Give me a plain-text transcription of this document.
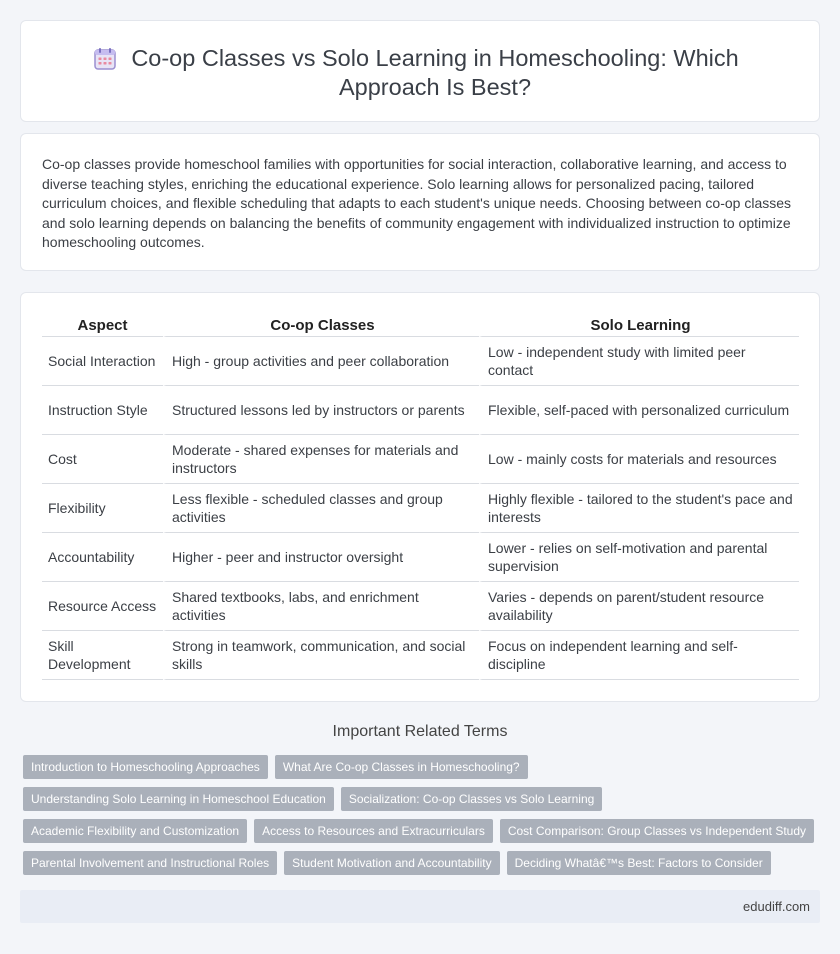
Co-op Classes vs Solo Learning in Homeschooling: Which Approach Is Best?

Co-op classes provide homeschool families with opportunities for social interaction, collaborative learning, and access to diverse teaching styles, enriching the educational experience. Solo learning allows for personalized pacing, tailored curriculum choices, and flexible scheduling that adapts to each student's unique needs. Choosing between co-op classes and solo learning depends on balancing the benefits of community engagement with individualized instruction to optimize homeschooling outcomes.

Aspect	Co-op Classes	Solo Learning
Social Interaction	High - group activities and peer collaboration	Low - independent study with limited peer contact
Instruction Style	Structured lessons led by instructors or parents	Flexible, self-paced with personalized curriculum
Cost	Moderate - shared expenses for materials and instructors	Low - mainly costs for materials and resources
Flexibility	Less flexible - scheduled classes and group activities	Highly flexible - tailored to the student's pace and interests
Accountability	Higher - peer and instructor oversight	Lower - relies on self-motivation and parental supervision
Resource Access	Shared textbooks, labs, and enrichment activities	Varies - depends on parent/student resource availability
Skill Development	Strong in teamwork, communication, and social skills	Focus on independent learning and self-discipline
Important Related Terms
Introduction to Homeschooling Approaches	What Are Co-op Classes in Homeschooling?
Understanding Solo Learning in Homeschool Education	Socialization: Co-op Classes vs Solo Learning
Academic Flexibility and Customization	Access to Resources and Extracurriculars	Cost Comparison: Group Classes vs Independent Study
Parental Involvement and Instructional Roles	Student Motivation and Accountability	Deciding Whatâ€™s Best: Factors to Consider
edudiff.com
